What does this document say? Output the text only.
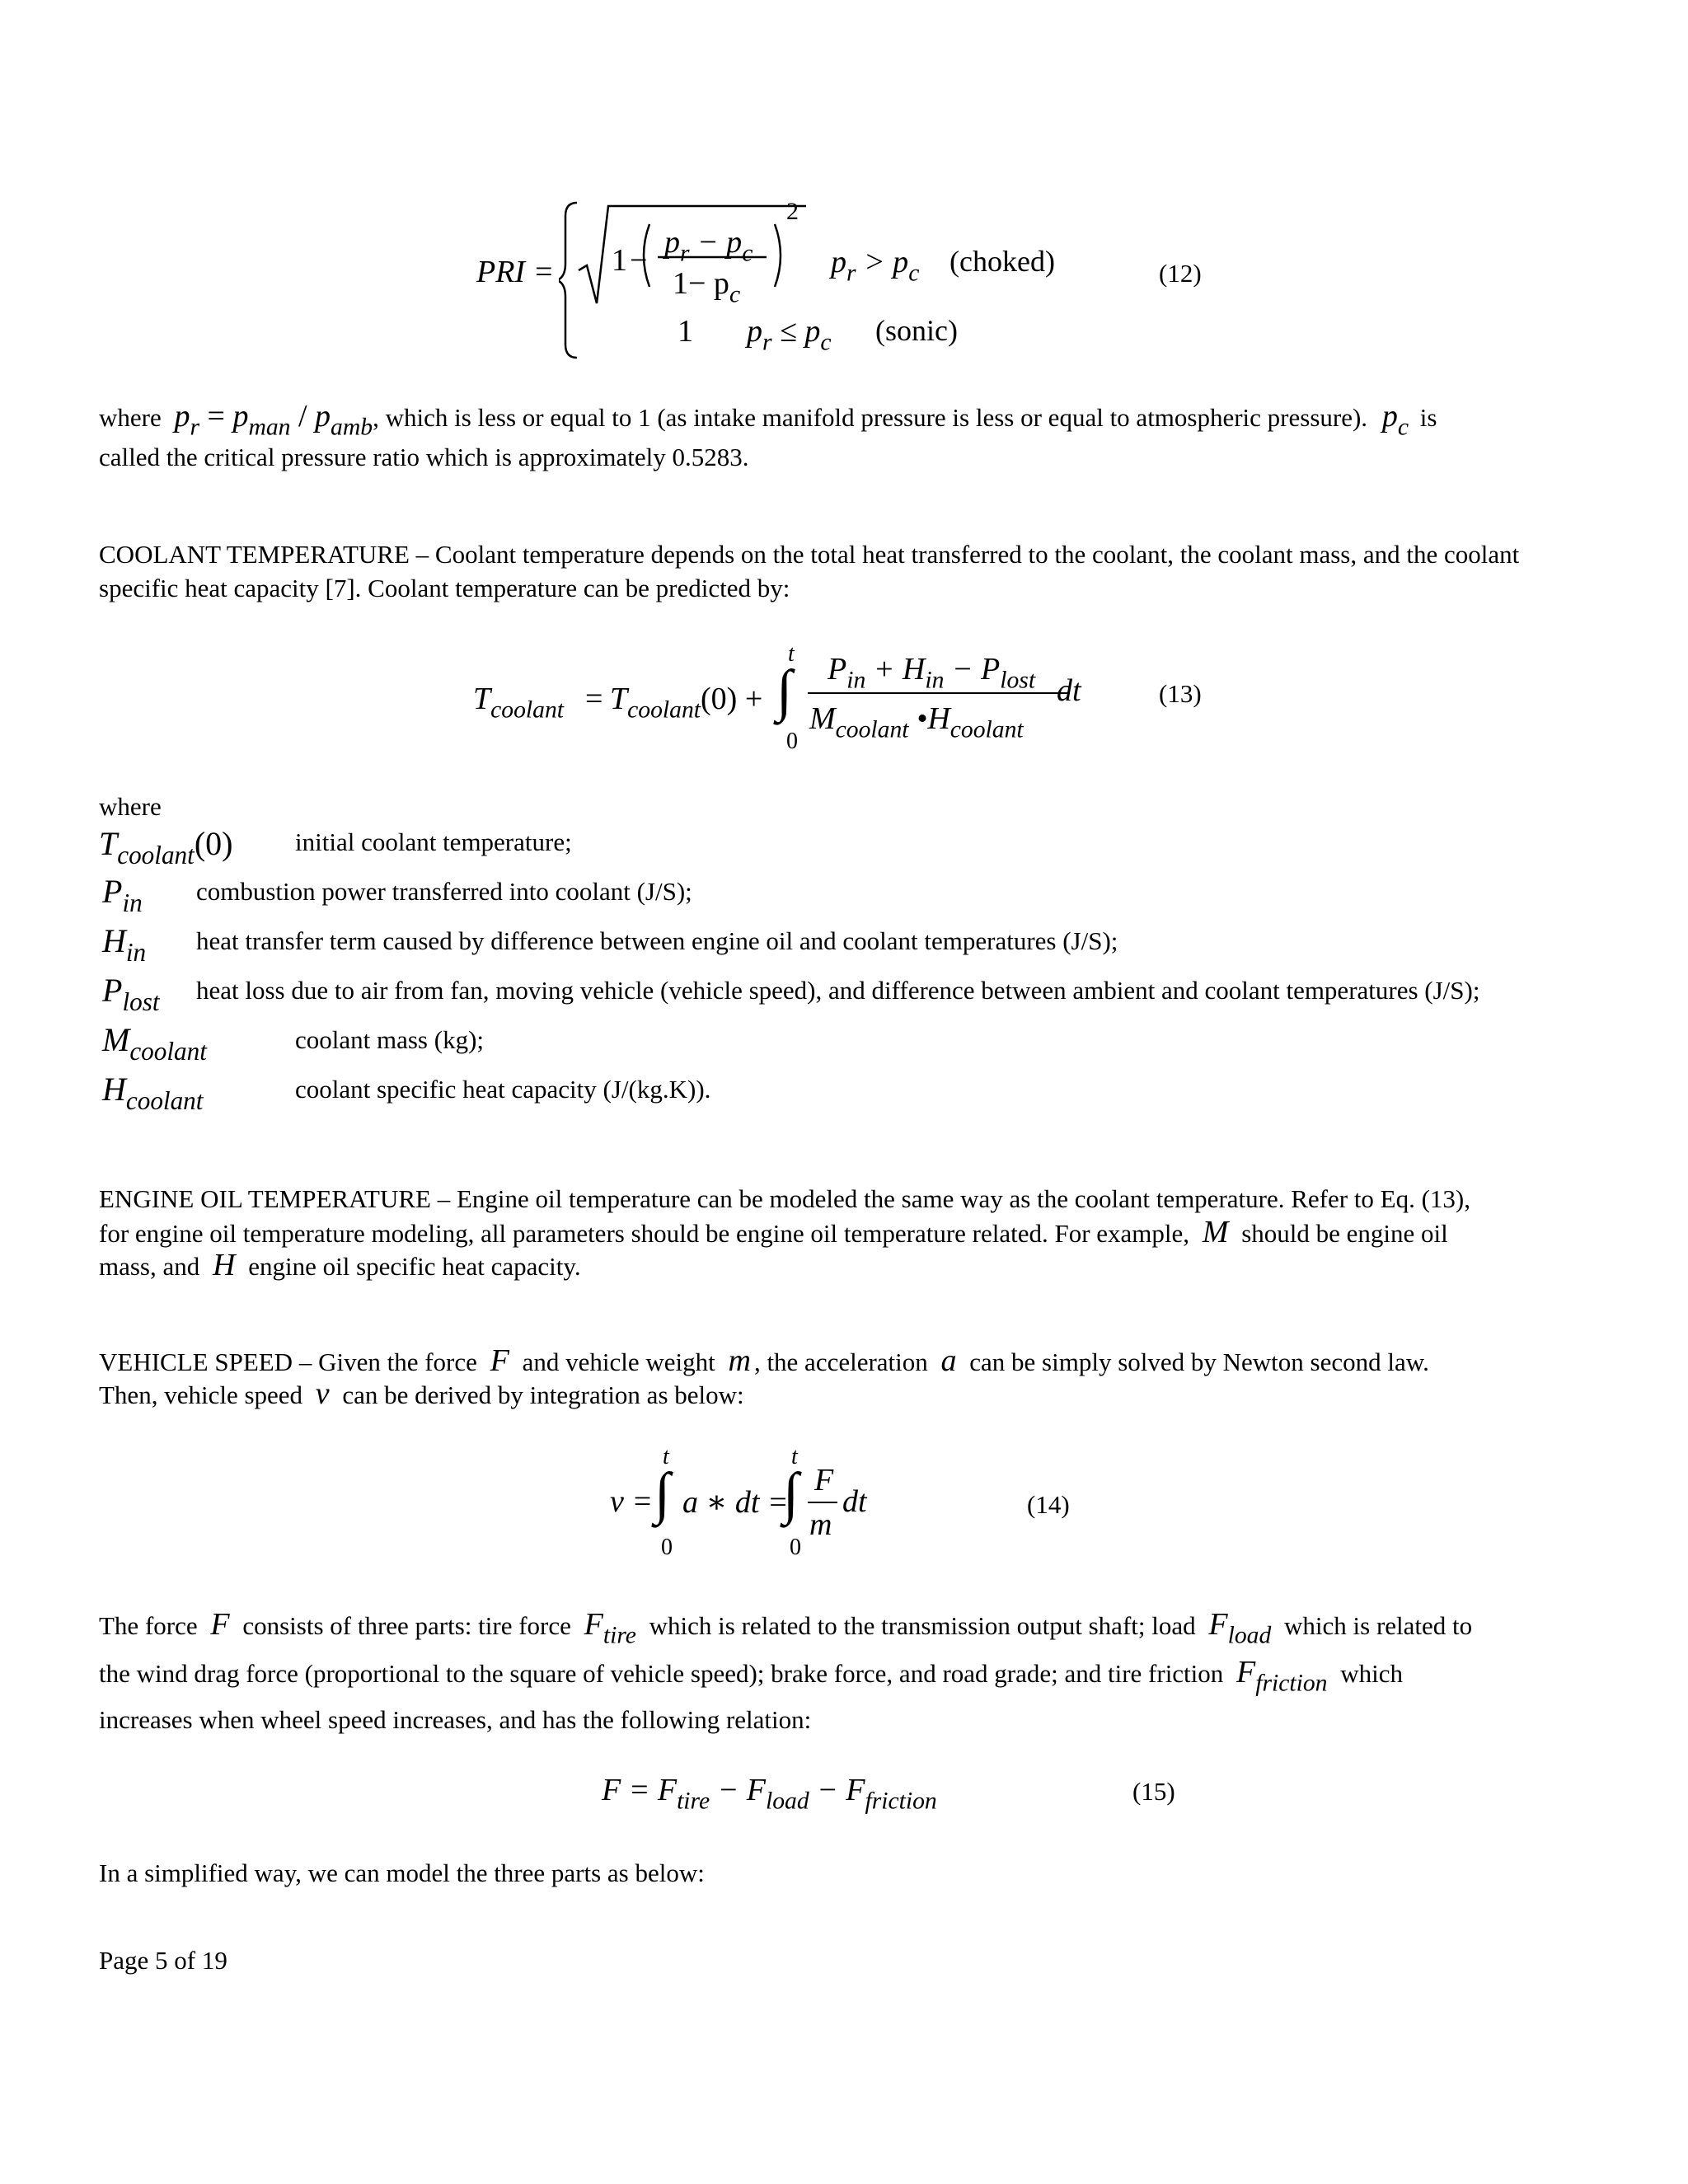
PRI = 1 −
$p_r - p_c$
$1- p_c$
2
$p_r > p_c$ (choked)
1 $p_r \le p_c$ (sonic)
(12)
where $p_r = p_{man} / p_{amb}$, which is less or equal to 1 (as intake manifold pressure is less or equal to atmospheric pressure). $p_c$ is
called the critical pressure ratio which is approximately 0.5283.
COOLANT TEMPERATURE – Coolant temperature depends on the total heat transferred to the coolant, the coolant mass, and the coolant specific heat capacity [7]. Coolant temperature can be predicted by:
$T_{coolant} = T_{coolant}(0)$ +
t
∫
0
$P_{in} + H_{in} - P_{lost}$
$M_{coolant}$ $•H_{coolant}$
dt	(13)
where
$T_{coolant}(0)$ initial coolant temperature;
$P_{in}$ combustion power transferred into coolant (J/S);
$H_{in}$ heat transfer term caused by difference between engine oil and coolant temperatures (J/S);
$P_{lost}$ heat loss due to air from fan, moving vehicle (vehicle speed), and difference between ambient and coolant temperatures (J/S);
$M_{coolant}$	coolant mass (kg);
$H_{coolant}$	coolant specific heat capacity (J/(kg.K)).
ENGINE OIL TEMPERATURE – Engine oil temperature can be modeled the same way as the coolant temperature. Refer to Eq. (13),
for engine oil temperature modeling, all parameters should be engine oil temperature related. For example, M should be engine oil
mass, and H engine oil specific heat capacity.
VEHICLE SPEED – Given the force F and vehicle weight m , the acceleration a can be simply solved by Newton second law.
Then, vehicle speed v can be derived by integration as below:
v =
t
∫
0
a ∗ dt =
t
∫
0
F
m
dt	(14)
The force F consists of three parts: tire force $F_{tire}$ which is related to the transmission output shaft; load $F_{load}$ which is related to
the wind drag force (proportional to the square of vehicle speed); brake force, and road grade; and tire friction $F_{friction}$ which
increases when wheel speed increases, and has the following relation:
$F = F_{tire} - F_{load} - F_{friction}$	(15)
In a simplified way, we can model the three parts as below:
Page 5 of 19
